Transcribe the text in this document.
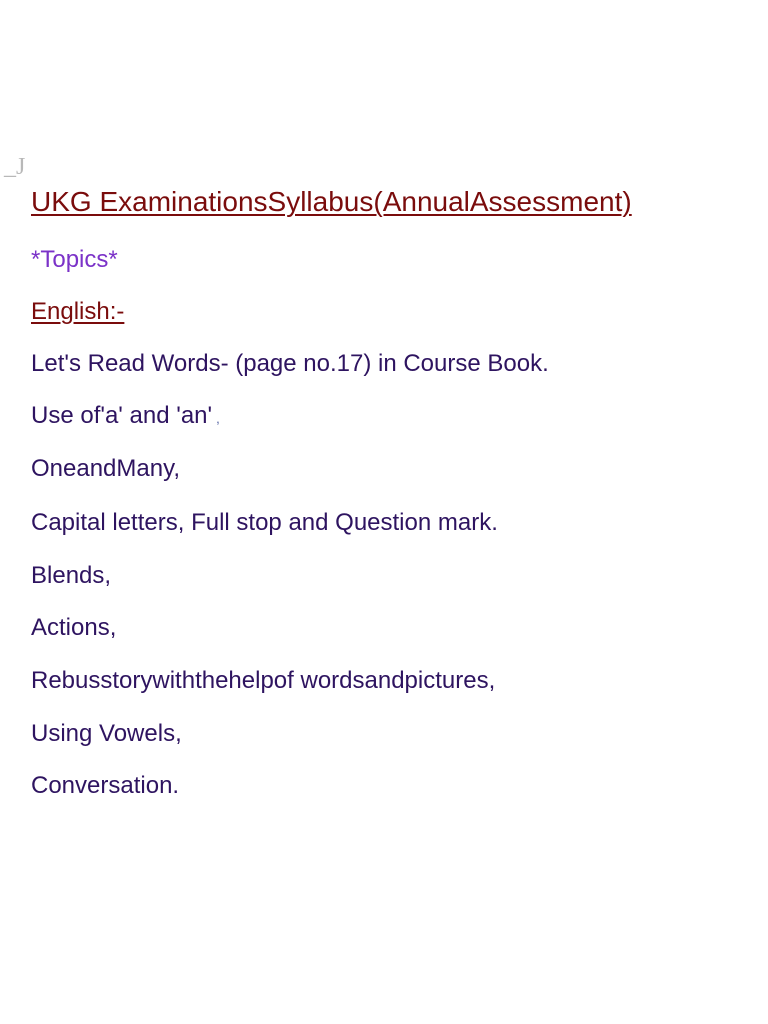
_J
UKG ExaminationsSyllabus(AnnualAssessment)
*Topics*
English:-
Let's Read Words- (page no.17) in Course Book.
Use of'a' and 'an' ,
OneandMany,
Capital letters, Full stop and Question mark.
Blends,
Actions,
Rebusstorywiththehelpof wordsandpictures,
Using Vowels,
Conversation.
